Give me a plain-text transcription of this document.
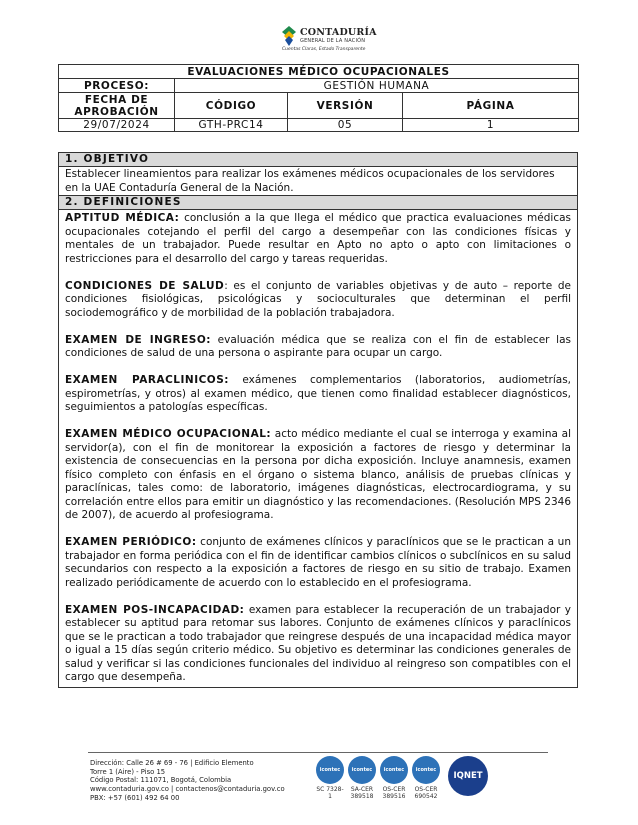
CONTADURÍA
GENERAL DE LA NACIÓN
Cuentas Claras, Estado Transparente
EVALUACIONES MÉDICO OCUPACIONALES			
PROCESO:	GESTIÓN HUMANA		
FECHA DE APROBACIÓN	CÓDIGO	VERSIÓN	PÁGINA
29/07/2024	GTH-PRC14	05	1
1. OBJETIVO
Establecer lineamientos para realizar los exámenes médicos ocupacionales de los servidores en la UAE Contaduría General de la Nación.
2. DEFINICIONES

APTITUD MÉDICA: conclusión a la que llega el médico que practica evaluaciones médicas ocupacionales cotejando el perfil del cargo a desempeñar con las condiciones físicas y mentales de un trabajador. Puede resultar en Apto no apto o apto con limitaciones o restricciones para el desarrollo del cargo y tareas requeridas.

CONDICIONES DE SALUD: es el conjunto de variables objetivas y de auto – reporte de condiciones fisiológicas, psicológicas y socioculturales que determinan el perfil sociodemográfico y de morbilidad de la población trabajadora.

EXAMEN DE INGRESO: evaluación médica que se realiza con el fin de establecer las condiciones de salud de una persona o aspirante para ocupar un cargo.

EXAMEN PARACLINICOS: exámenes complementarios (laboratorios, audiometrías, espirometrías, y otros) al examen médico, que tienen como finalidad establecer diagnósticos, seguimientos a patologías específicas.

EXAMEN MÉDICO OCUPACIONAL: acto médico mediante el cual se interroga y examina al servidor(a), con el fin de monitorear la exposición a factores de riesgo y determinar la existencia de consecuencias en la persona por dicha exposición. Incluye anamnesis, examen físico completo con énfasis en el órgano o sistema blanco, análisis de pruebas clínicas y paraclínicas, tales como: de laboratorio, imágenes diagnósticas, electrocardiograma, y su correlación entre ellos para emitir un diagnóstico y las recomendaciones. (Resolución MPS 2346 de 2007), de acuerdo al profesiograma.

EXAMEN PERIÓDICO: conjunto de exámenes clínicos y paraclínicos que se le practican a un trabajador en forma periódica con el fin de identificar cambios clínicos o subclínicos en su salud secundarios con respecto a la exposición a factores de riesgo en su sitio de trabajo. Examen realizado periódicamente de acuerdo con lo establecido en el profesiograma.

EXAMEN POS-INCAPACIDAD: examen para establecer la recuperación de un trabajador y establecer su aptitud para retomar sus labores. Conjunto de exámenes clínicos y paraclínicos que se le practican a todo trabajador que reingrese después de una incapacidad médica mayor o igual a 15 días según criterio médico. Su objetivo es determinar las condiciones generales de salud y verificar si las condiciones funcionales del individuo al reingreso son compatibles con el cargo que desempeña.

Dirección: Calle 26 # 69 - 76 | Edificio Elemento
Torre 1 (Aire) - Piso 15
Código Postal: 111071, Bogotá, Colombia
www.contaduria.gov.co | contactenos@contaduria.gov.co
PBX: +57 (601) 492 64 00
icontec
SC 7328-1
icontec
SA-CER 389518
icontec
OS-CER 389516
icontec
OS-CER 690542
IQNET
